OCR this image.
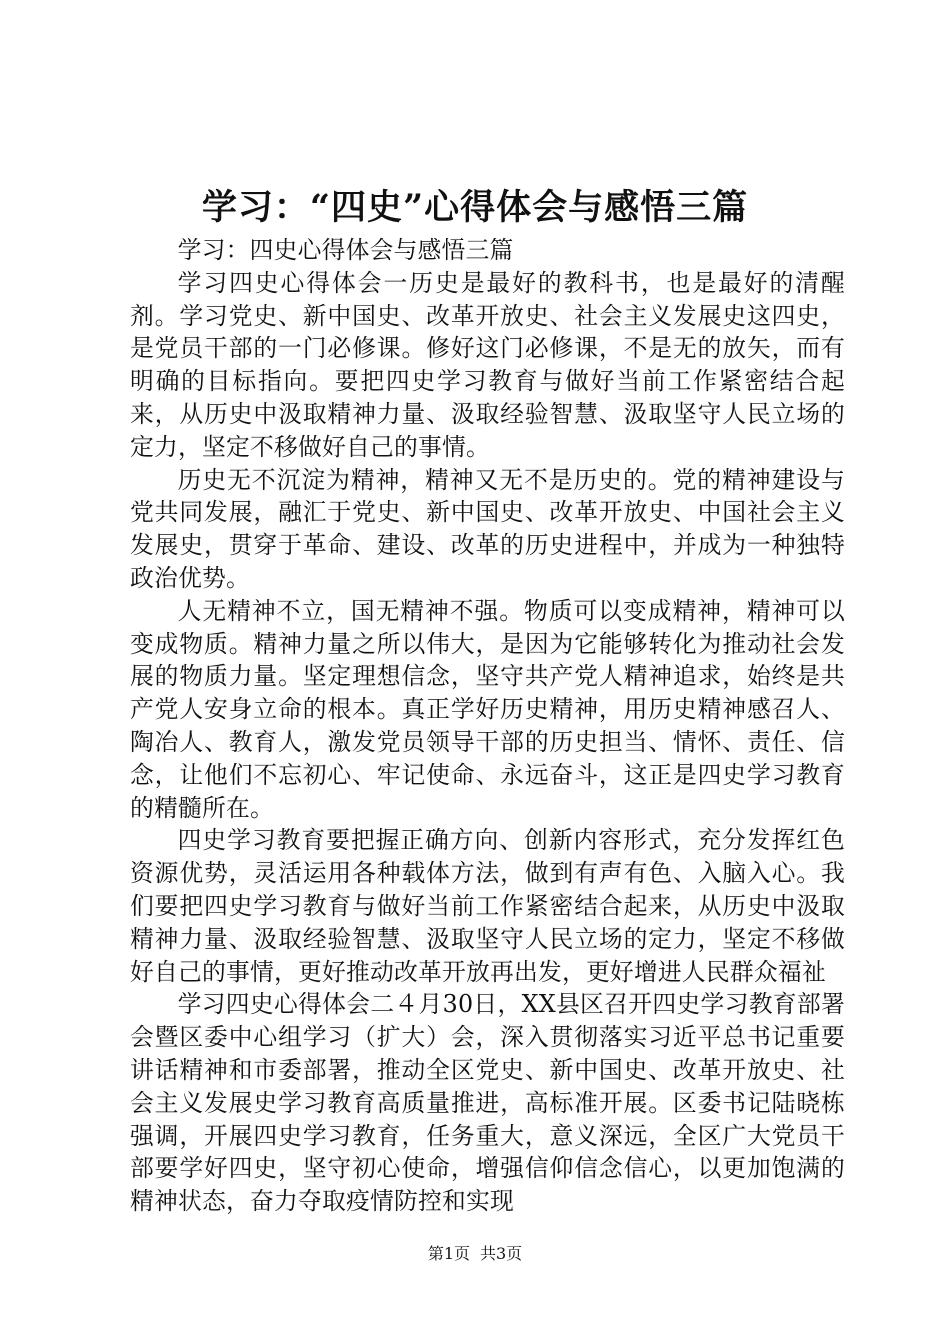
学习：“四史”心得体会与感悟三篇

学习：四史心得体会与感悟三篇

学习四史心得体会一历史是最好的教科书，也是最好的清醒剂。学习党史、新中国史、改革开放史、社会主义发展史这四史，是党员干部的一门必修课。修好这门必修课，不是无的放矢，而有明确的目标指向。要把四史学习教育与做好当前工作紧密结合起来，从历史中汲取精神力量、汲取经验智慧、汲取坚守人民立场的定力，坚定不移做好自己的事情。

历史无不沉淀为精神，精神又无不是历史的。党的精神建设与党共同发展，融汇于党史、新中国史、改革开放史、中国社会主义发展史，贯穿于革命、建设、改革的历史进程中，并成为一种独特政治优势。

人无精神不立，国无精神不强。物质可以变成精神，精神可以变成物质。精神力量之所以伟大，是因为它能够转化为推动社会发展的物质力量。坚定理想信念，坚守共产党人精神追求，始终是共产党人安身立命的根本。真正学好历史精神，用历史精神感召人、陶冶人、教育人，激发党员领导干部的历史担当、情怀、责任、信念，让他们不忘初心、牢记使命、永远奋斗，这正是四史学习教育的精髓所在。

四史学习教育要把握正确方向、创新内容形式，充分发挥红色资源优势，灵活运用各种载体方法，做到有声有色、入脑入心。我们要把四史学习教育与做好当前工作紧密结合起来，从历史中汲取精神力量、汲取经验智慧、汲取坚守人民立场的定力，坚定不移做好自己的事情，更好推动改革开放再出发，更好增进人民群众福祉

学习四史心得体会二４月30日，XX县区召开四史学习教育部署会暨区委中心组学习（扩大）会，深入贯彻落实习近平总书记重要讲话精神和市委部署，推动全区党史、新中国史、改革开放史、社会主义发展史学习教育高质量推进，高标准开展。区委书记陆晓栋强调，开展四史学习教育，任务重大，意义深远，全区广大党员干部要学好四史，坚守初心使命，增强信仰信念信心，以更加饱满的精神状态，奋力夺取疫情防控和实现

第1页 共3页
